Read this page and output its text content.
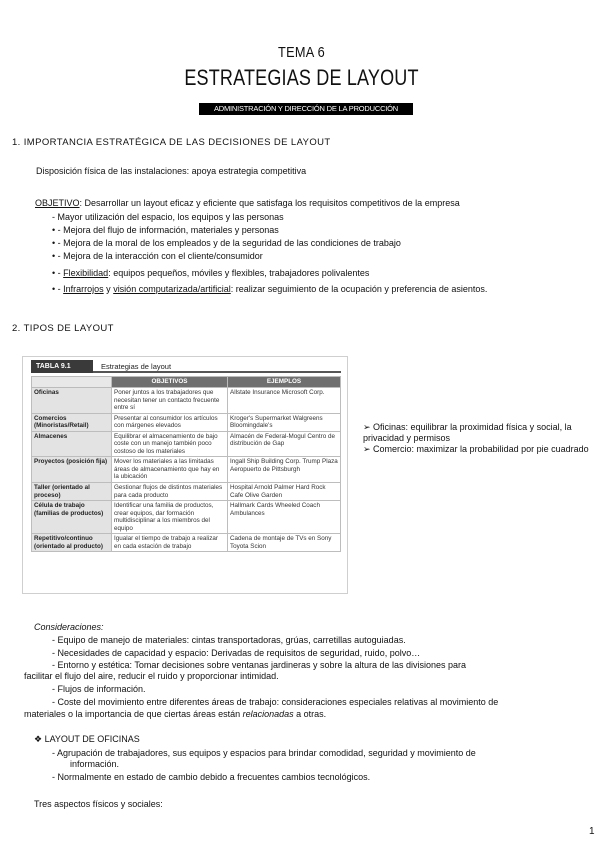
TEMA 6
ESTRATEGIAS DE LAYOUT
ADMINISTRACIÓN Y DIRECCIÓN DE LA PRODUCCIÓN
1. IMPORTANCIA ESTRATÉGICA DE LAS DECISIONES DE LAYOUT
Disposición física de las instalaciones: apoya estrategia competitiva
OBJETIVO: Desarrollar un layout eficaz y eficiente que satisfaga los requisitos competitivos de la empresa
- Mayor utilización del espacio, los equipos y las personas
• - Mejora del flujo de información, materiales y personas
• - Mejora de la moral de los empleados y de la seguridad de las condiciones de trabajo
• - Mejora de la interacción con el cliente/consumidor
• - Flexibilidad: equipos pequeños, móviles y flexibles, trabajadores polivalentes
• - Infrarrojos y visión computarizada/artificial: realizar seguimiento de la ocupación y preferencia de asientos.
2. TIPOS DE LAYOUT
TABLA 9.1	Estrategias de layout
	OBJETIVOS	EJEMPLOS
Oficinas	Poner juntos a los trabajadores que necesitan tener un contacto frecuente entre sí	Allstate Insurance Microsoft Corp.
Comercios (Minoristas/Retail)	Presentar al consumidor los artículos con márgenes elevados	Kroger's Supermarket Walgreens Bloomingdale's
Almacenes	Equilibrar el almacenamiento de bajo coste con un manejo también poco costoso de los materiales	Almacén de Federal-Mogul Centro de distribución de Gap
Proyectos (posición fija)	Mover los materiales a las limitadas áreas de almacenamiento que hay en la ubicación	Ingall Ship Building Corp. Trump Plaza Aeropuerto de Pittsburgh
Taller (orientado al proceso)	Gestionar flujos de distintos materiales para cada producto	Hospital Arnold Palmer Hard Rock Cafe Olive Garden
Célula de trabajo (familias de productos)	Identificar una familia de productos, crear equipos, dar formación multidisciplinar a los miembros del equipo	Hallmark Cards Wheeled Coach Ambulances
Repetitivo/continuo (orientado al producto)	Igualar el tiempo de trabajo a realizar en cada estación de trabajo	Cadena de montaje de TVs en Sony Toyota Scion
➢ Oficinas: equilibrar la proximidad física y social, la privacidad y permisos
➢ Comercio: maximizar la probabilidad por pie cuadrado
Consideraciones:
- Equipo de manejo de materiales: cintas transportadoras, grúas, carretillas autoguiadas.
- Necesidades de capacidad y espacio: Derivadas de requisitos de seguridad, ruido, polvo…
- Entorno y estética: Tomar decisiones sobre ventanas jardineras y sobre la altura de las divisiones para
facilitar el flujo del aire, reducir el ruido y proporcionar intimidad.
- Flujos de información.
- Coste del movimiento entre diferentes áreas de trabajo: consideraciones especiales relativas al movimiento de
materiales o la importancia de que ciertas áreas están relacionadas a otras.
❖ LAYOUT DE OFICINAS
- Agrupación de trabajadores, sus equipos y espacios para brindar comodidad, seguridad y movimiento de
información.
- Normalmente en estado de cambio debido a frecuentes cambios tecnológicos.
Tres aspectos físicos y sociales:
1
